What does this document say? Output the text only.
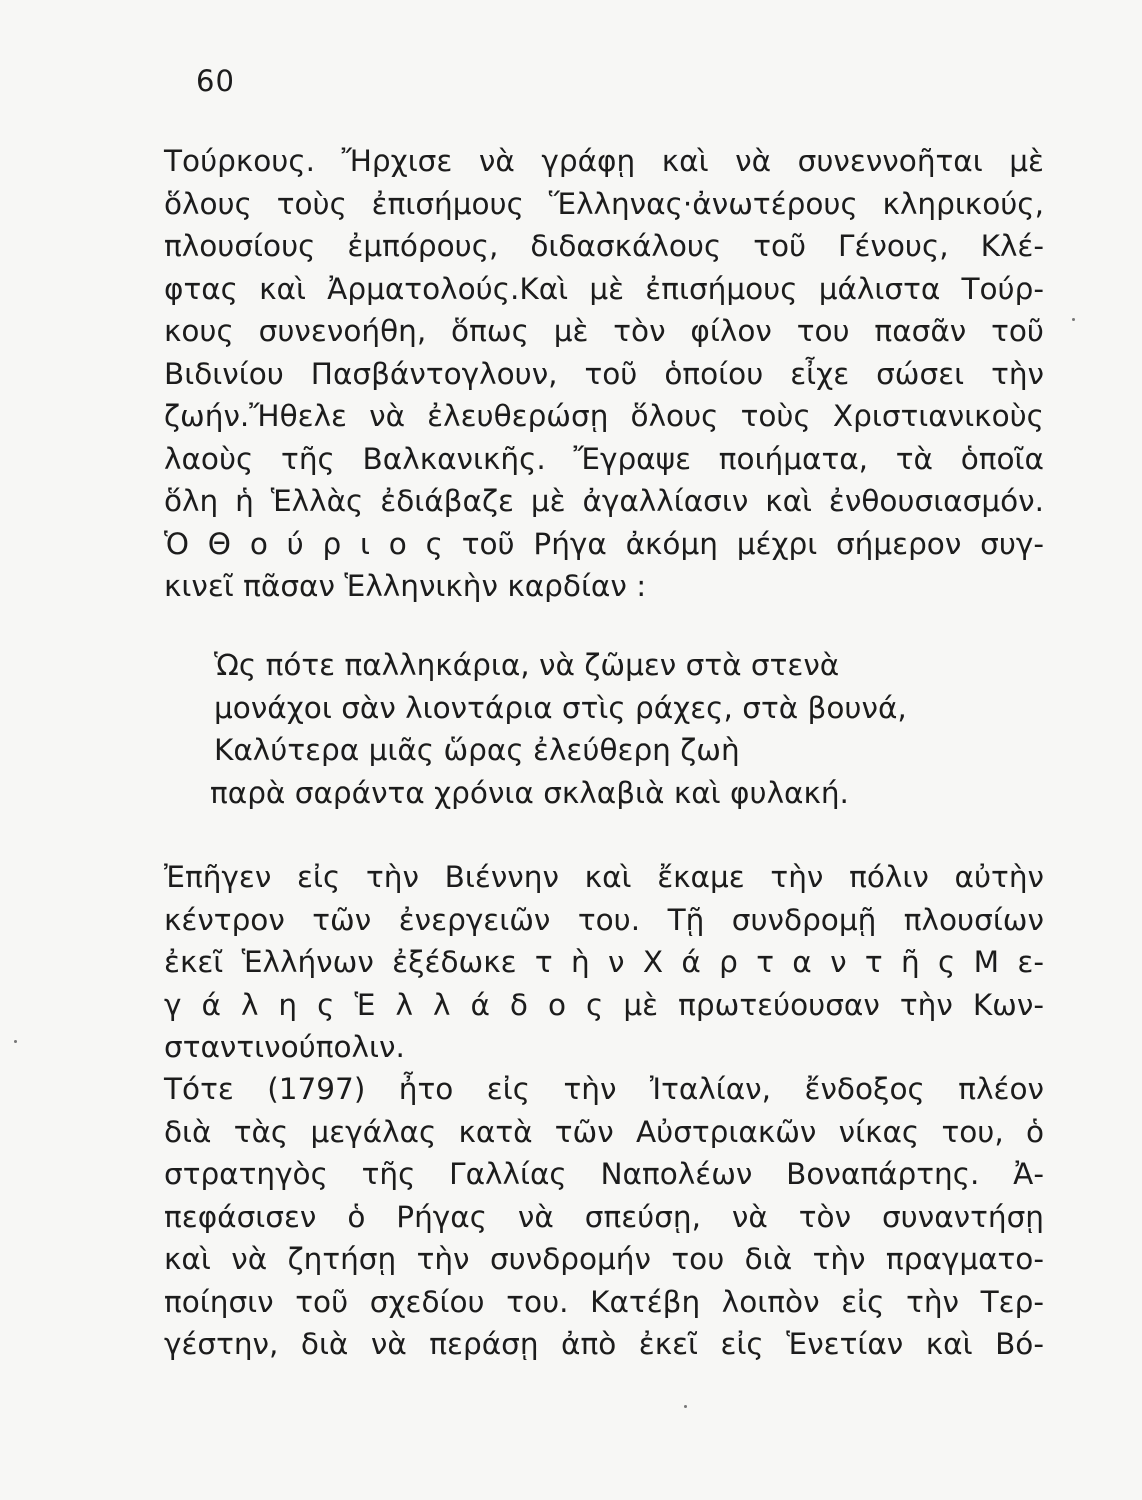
60
Τούρκους. Ἤρχισε νὰ γράφῃ καὶ νὰ συνεννοῆται μὲ
ὅλους τοὺς ἐπισήμους Ἕλληνας·ἀνωτέρους κληρικούς,
πλουσίους ἐμπόρους, διδασκάλους τοῦ Γένους, Κλέ-
φτας καὶ Ἀρματολούς.Καὶ μὲ ἐπισήμους μάλιστα Τούρ-
κους συνενοήθη, ὅπως μὲ τὸν φίλον του πασᾶν τοῦ
Βιδινίου Πασβάντογλουν, τοῦ ὁποίου εἶχε σώσει τὴν
ζωήν.Ἤθελε νὰ ἐλευθερώσῃ ὅλους τοὺς Χριστιανικοὺς
λαοὺς τῆς Βαλκανικῆς. Ἔγραψε ποιήματα, τὰ ὁποῖα
ὅλη ἡ Ἑλλὰς ἐδιάβαζε μὲ ἀγαλλίασιν καὶ ἐνθουσιασμόν.
Ὁ Θ ο ύ ρ ι ο ς τοῦ Ρήγα ἀκόμη μέχρι σήμερον συγ-
κινεῖ πᾶσαν Ἑλληνικὴν καρδίαν :
Ὡς πότε παλληκάρια, νὰ ζῶμεν στὰ στενὰ
μονάχοι σὰν λιοντάρια στὶς ράχες, στὰ βουνά,
Καλύτερα μιᾶς ὥρας ἐλεύθερη ζωὴ
παρὰ σαράντα χρόνια σκλαβιὰ καὶ φυλακή.
Ἐπῆγεν εἰς τὴν Βιέννην καὶ ἔκαμε τὴν πόλιν αὐτὴν
κέντρον τῶν ἐνεργειῶν του. Τῇ συνδρομῇ πλουσίων
ἐκεῖ Ἑλλήνων ἐξέδωκε τ ὴ ν Χ ά ρ τ α ν τ ῆ ς Μ ε-
γ ά λ η ς Ἑ λ λ ά δ ο ς μὲ πρωτεύουσαν τὴν Κων-
σταντινούπολιν.
Τότε (1797) ἦτο εἰς τὴν Ἰταλίαν, ἔνδοξος πλέον
διὰ τὰς μεγάλας κατὰ τῶν Αὐστριακῶν νίκας του, ὁ
στρατηγὸς τῆς Γαλλίας Ναπολέων Βοναπάρτης. Ἀ-
πεφάσισεν ὁ Ρήγας νὰ σπεύσῃ, νὰ τὸν συναντήσῃ
καὶ νὰ ζητήσῃ τὴν συνδρομήν του διὰ τὴν πραγματο-
ποίησιν τοῦ σχεδίου του. Κατέβη λοιπὸν εἰς τὴν Τερ-
γέστην, διὰ νὰ περάσῃ ἀπὸ ἐκεῖ εἰς Ἑνετίαν καὶ Βό-
